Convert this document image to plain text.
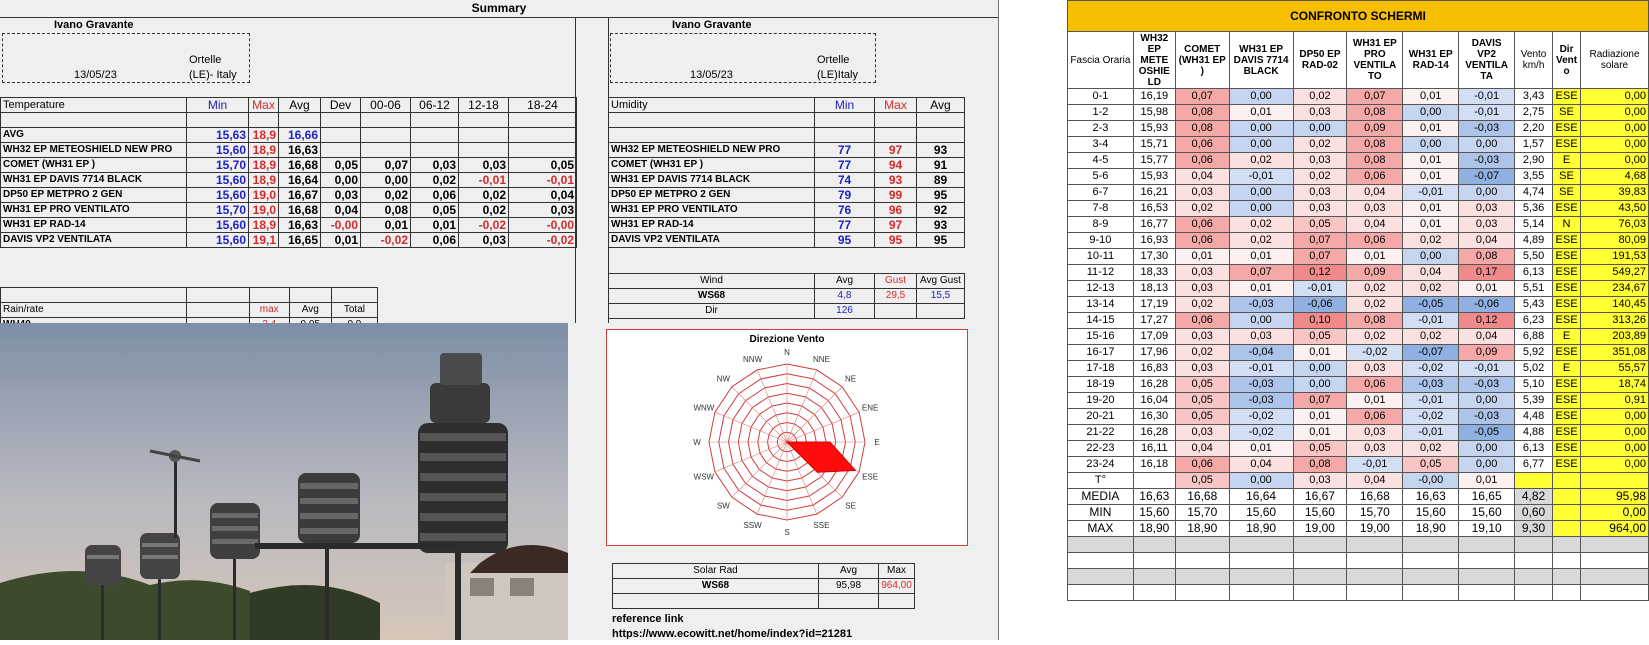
Summary
Ivano Gravante
Ortelle
13/05/23	(LE)- Italy
Ivano Gravante
Ortelle
13/05/23	(LE)Italy
Temperature	Min	Max	Avg	Dev	00-06	06-12	12-18	18-24

AVG	15,63	18,9	16,66					
WH32 EP METEOSHIELD NEW PRO	15,60	18,9	16,63					
COMET (WH31 EP )	15,70	18,9	16,68	0,05	0,07	0,03	0,03	0,05
WH31 EP DAVIS 7714 BLACK	15,60	18,9	16,64	0,00	0,00	0,02	-0,01	-0,01
DP50 EP METPRO 2 GEN	15,60	19,0	16,67	0,03	0,02	0,06	0,02	0,04
WH31 EP PRO VENTILATO	15,70	19,0	16,68	0,04	0,08	0,05	0,02	0,03
WH31 EP RAD-14	15,60	18,9	16,63	-0,00	0,01	0,01	-0,02	-0,00
DAVIS VP2 VENTILATA	15,60	19,1	16,65	0,01	-0,02	0,06	0,03	-0,02
Umidity	Min	Max	Avg

WH32 EP METEOSHIELD NEW PRO	77	97	93
COMET (WH31 EP )	77	94	91
WH31 EP DAVIS 7714 BLACK	74	93	89
DP50 EP METPRO 2 GEN	79	99	95
WH31 EP PRO VENTILATO	76	96	92
WH31 EP RAD-14	77	97	93
DAVIS VP2 VENTILATA	95	95	95

Rain/rate		max	Avg	Total

Wind	Avg	Gust	Avg Gust
WS68	4,8	29,5	15,5
Dir	126		
Direzione Vento
N
NNE
NE
ENE
E
ESE
SE
SSE
S
SSW
SW
WSW
W
WNW
NW
NNW
Solar Rad	Avg	Max
WS68	95,98	964,00

reference link
https://www.ecowitt.net/home/index?id=21281
CONFRONTO SCHERMI										
Fascia Oraria	WH32 EP METE OSHIE LD	COMET (WH31 EP )	WH31 EP DAVIS 7714 BLACK	DP50 EP RAD-02	WH31 EP PRO VENTILA TO	WH31 EP RAD-14	DAVIS VP2 VENTILA TA	Vento km/h	Dir Vent o	Radiazione solare
0-1	16,19	0,07	0,00	0,02	0,07	0,01	-0,01	3,43	ESE	0,00
1-2	15,98	0,08	0,01	0,03	0,08	0,00	-0,01	2,75	SE	0,00
2-3	15,93	0,08	0,00	0,00	0,09	0,01	-0,03	2,20	ESE	0,00
3-4	15,71	0,06	0,00	0,02	0,08	0,00	0,00	1,57	ESE	0,00
4-5	15,77	0,06	0,02	0,03	0,08	0,01	-0,03	2,90	E	0,00
5-6	15,93	0,04	-0,01	0,02	0,06	0,01	-0,07	3,55	SE	4,68
6-7	16,21	0,03	0,00	0,03	0,04	-0,01	0,00	4,74	SE	39,83
7-8	16,53	0,02	0,00	0,03	0,03	0,01	0,03	5,36	ESE	43,50
8-9	16,77	0,06	0,02	0,05	0,04	0,01	0,03	5,14	N	76,03
9-10	16,93	0,06	0,02	0,07	0,06	0,02	0,04	4,89	ESE	80,09
10-11	17,30	0,01	0,01	0,07	0,01	0,00	0,08	5,50	ESE	191,53
11-12	18,33	0,03	0,07	0,12	0,09	0,04	0,17	6,13	ESE	549,27
12-13	18,13	0,03	0,01	-0,01	0,02	0,02	0,01	5,51	ESE	234,67
13-14	17,19	0,02	-0,03	-0,06	0,02	-0,05	-0,06	5,43	ESE	140,45
14-15	17,27	0,06	0,00	0,10	0,08	-0,01	0,12	6,23	ESE	313,26
15-16	17,09	0,03	0,03	0,05	0,02	0,02	0,04	6,88	E	203,89
16-17	17,96	0,02	-0,04	0,01	-0,02	-0,07	0,09	5,92	ESE	351,08
17-18	16,83	0,03	-0,01	0,00	0,03	-0,02	-0,01	5,02	E	55,57
18-19	16,28	0,05	-0,03	0,00	0,06	-0,03	-0,03	5,10	ESE	18,74
19-20	16,04	0,05	-0,03	0,07	0,01	-0,01	0,00	5,39	ESE	0,91
20-21	16,30	0,05	-0,02	0,01	0,06	-0,02	-0,03	4,48	ESE	0,00
21-22	16,28	0,03	-0,02	0,01	0,03	-0,01	-0,05	4,88	ESE	0,00
22-23	16,11	0,04	0,01	0,05	0,03	0,02	0,00	6,13	ESE	0,00
23-24	16,18	0,06	0,04	0,08	-0,01	0,05	0,00	6,77	ESE	0,00
T°		0,05	0,00	0,03	0,04	-0,00	0,01			
MEDIA	16,63	16,68	16,64	16,67	16,68	16,63	16,65	4,82		95,98
MIN	15,60	15,70	15,60	15,60	15,70	15,60	15,60	0,60		0,00
MAX	18,90	18,90	18,90	19,00	19,00	18,90	19,10	9,30		964,00
